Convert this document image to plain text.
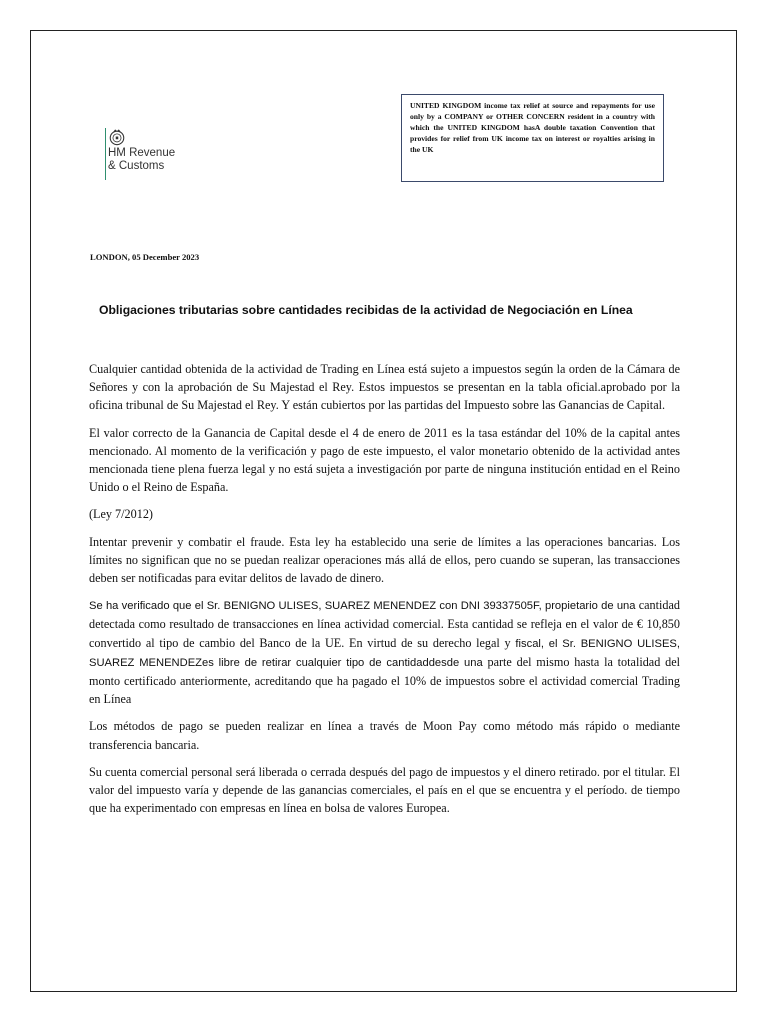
HM Revenue
& Customs
UNITED KINGDOM income tax relief at source and repayments for use only by a COMPANY or OTHER CONCERN resident in a country with which the UNITED KINGDOM hasA double taxation Convention that provides for relief from UK income tax on interest or royalties arising in the UK
LONDON, 05 December 2023
Obligaciones tributarias sobre cantidades recibidas de la actividad de Negociación en Línea

Cualquier cantidad obtenida de la actividad de Trading en Línea está sujeto a impuestos según la orden de la Cámara de Señores y con la aprobación de Su Majestad el Rey. Estos impuestos se presentan en la tabla oficial.aprobado por la oficina tribunal de Su Majestad el Rey. Y están cubiertos por las partidas del Impuesto sobre las Ganancias de Capital.

El valor correcto de la Ganancia de Capital desde el 4 de enero de 2011 es la tasa estándar del 10% de la capital antes mencionado. Al momento de la verificación y pago de este impuesto, el valor monetario obtenido de la actividad antes mencionada tiene plena fuerza legal y no está sujeta a investigación por parte de ninguna institución entidad en el Reino Unido o el Reino de España.

(Ley 7/2012)

Intentar prevenir y combatir el fraude. Esta ley ha establecido una serie de límites a las operaciones bancarias. Los límites no significan que no se puedan realizar operaciones más allá de ellos, pero cuando se superan, las transacciones deben ser notificadas para evitar delitos de lavado de dinero.

Se ha verificado que el Sr. BENIGNO ULISES, SUAREZ MENENDEZ con DNI 39337505F, propietario de una cantidad detectada como resultado de transacciones en línea actividad comercial. Esta cantidad se refleja en el valor de € 10,850 convertido al tipo de cambio del Banco de la UE. En virtud de su derecho legal y fiscal, el Sr. BENIGNO ULISES, SUAREZ MENENDEZes libre de retirar cualquier tipo de cantidaddesde una parte del mismo hasta la totalidad del monto certificado anteriormente, acreditando que ha pagado el 10% de impuestos sobre el actividad comercial Trading en Línea

Los métodos de pago se pueden realizar en línea a través de Moon Pay como método más rápido o mediante transferencia bancaria.

Su cuenta comercial personal será liberada o cerrada después del pago de impuestos y el dinero retirado. por el titular. El valor del impuesto varía y depende de las ganancias comerciales, el país en el que se encuentra y el período. de tiempo que ha experimentado con empresas en línea en bolsa de valores Europea.
